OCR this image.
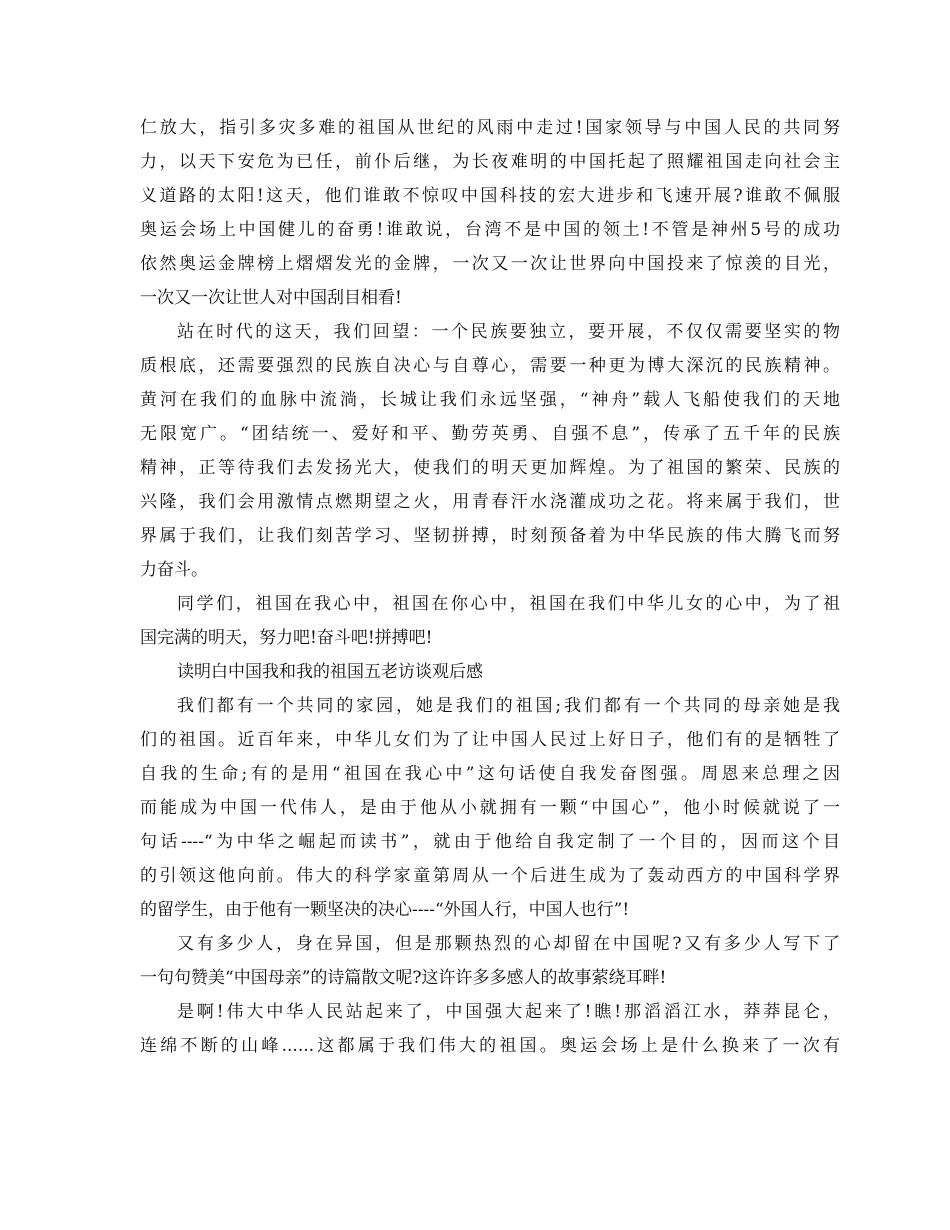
仁放大，指引多灾多难的祖国从世纪的风雨中走过!国家领导与中国人民的共同努

力，以天下安危为已任，前仆后继，为长夜难明的中国托起了照耀祖国走向社会主

义道路的太阳!这天，他们谁敢不惊叹中国科技的宏大进步和飞速开展?谁敢不佩服

奥运会场上中国健儿的奋勇!谁敢说，台湾不是中国的领土!不管是神州5号的成功

依然奥运金牌榜上熠熠发光的金牌，一次又一次让世界向中国投来了惊羡的目光，

一次又一次让世人对中国刮目相看!

站在时代的这天，我们回望：一个民族要独立，要开展，不仅仅需要坚实的物

质根底，还需要强烈的民族自决心与自尊心，需要一种更为博大深沉的民族精神。

黄河在我们的血脉中流淌，长城让我们永远坚强，“神舟”载人飞船使我们的天地

无限宽广。“团结统一、爱好和平、勤劳英勇、自强不息”，传承了五千年的民族

精神，正等待我们去发扬光大，使我们的明天更加辉煌。为了祖国的繁荣、民族的

兴隆，我们会用激情点燃期望之火，用青春汗水浇灌成功之花。将来属于我们，世

界属于我们，让我们刻苦学习、坚韧拼搏，时刻预备着为中华民族的伟大腾飞而努

力奋斗。

同学们，祖国在我心中，祖国在你心中，祖国在我们中华儿女的心中，为了祖

国完满的明天，努力吧!奋斗吧!拼搏吧!

读明白中国我和我的祖国五老访谈观后感

我们都有一个共同的家园，她是我们的祖国;我们都有一个共同的母亲她是我

们的祖国。近百年来，中华儿女们为了让中国人民过上好日子，他们有的是牺牲了

自我的生命;有的是用“祖国在我心中”这句话使自我发奋图强。周恩来总理之因

而能成为中国一代伟人，是由于他从小就拥有一颗“中国心”，他小时候就说了一

句话----“为中华之崛起而读书”，就由于他给自我定制了一个目的，因而这个目

的引领这他向前。伟大的科学家童第周从一个后进生成为了轰动西方的中国科学界

的留学生，由于他有一颗坚决的决心----“外国人行，中国人也行”!

又有多少人，身在异国，但是那颗热烈的心却留在中国呢?又有多少人写下了

一句句赞美“中国母亲”的诗篇散文呢?这许许多多感人的故事萦绕耳畔!

是啊!伟大中华人民站起来了，中国强大起来了!瞧!那滔滔江水，莽莽昆仑，

连绵不断的山峰......这都属于我们伟大的祖国。奥运会场上是什么换来了一次有
